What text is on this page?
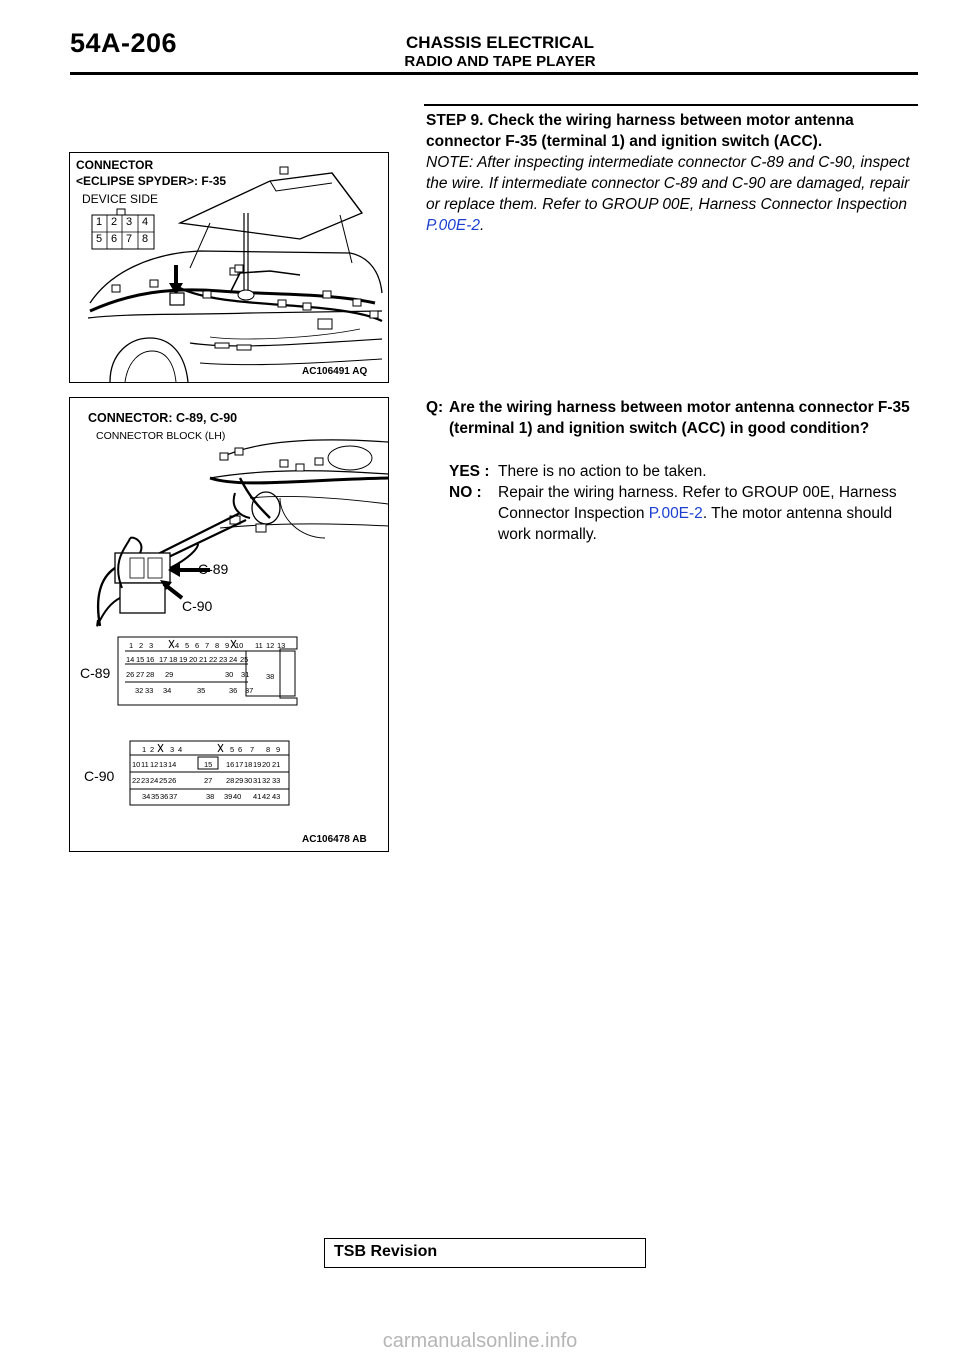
54A-206	CHASSIS ELECTRICAL
RADIO AND TAPE PLAYER
CONNECTOR
<ECLIPSE SPYDER>: F-35
DEVICE SIDE
1 2 3 4
5 6 7 8
AC106491 AQ
CONNECTOR: C-89, C-90
CONNECTOR BLOCK (LH)
C-89
C-90
C-89
C-90
1 2 3	4 5 6 7 8 9 10 11 12 13
14 15 16 17 18 19 20 21 22 23 24 25
26 27 28 29	30 31
32 33 34	35	36 37
38
1 2 3 4	5 6 7 8 9
10 11 12 13 14	15 16 17 18 19 20 21
22 23 24 25 26	27 28 29 30 31 32 33
34 35 36 37	38 39 40 41 42 43
AC106478 AB
STEP 9. Check the wiring harness between motor antenna connector F-35 (terminal 1) and ignition switch (ACC).
NOTE: After inspecting intermediate connector C-89 and C-90, inspect the wire. If intermediate connector C-89 and C-90 are damaged, repair or replace them. Refer to GROUP 00E, Harness Connector Inspection P.00E-2.
Q: Are the wiring harness between motor antenna connector F-35 (terminal 1) and ignition switch (ACC) in good condition?
YES : There is no action to be taken.
NO : Repair the wiring harness. Refer to GROUP 00E, Harness Connector Inspection P.00E-2. The motor antenna should work normally.
TSB Revision
carmanualsonline.info
